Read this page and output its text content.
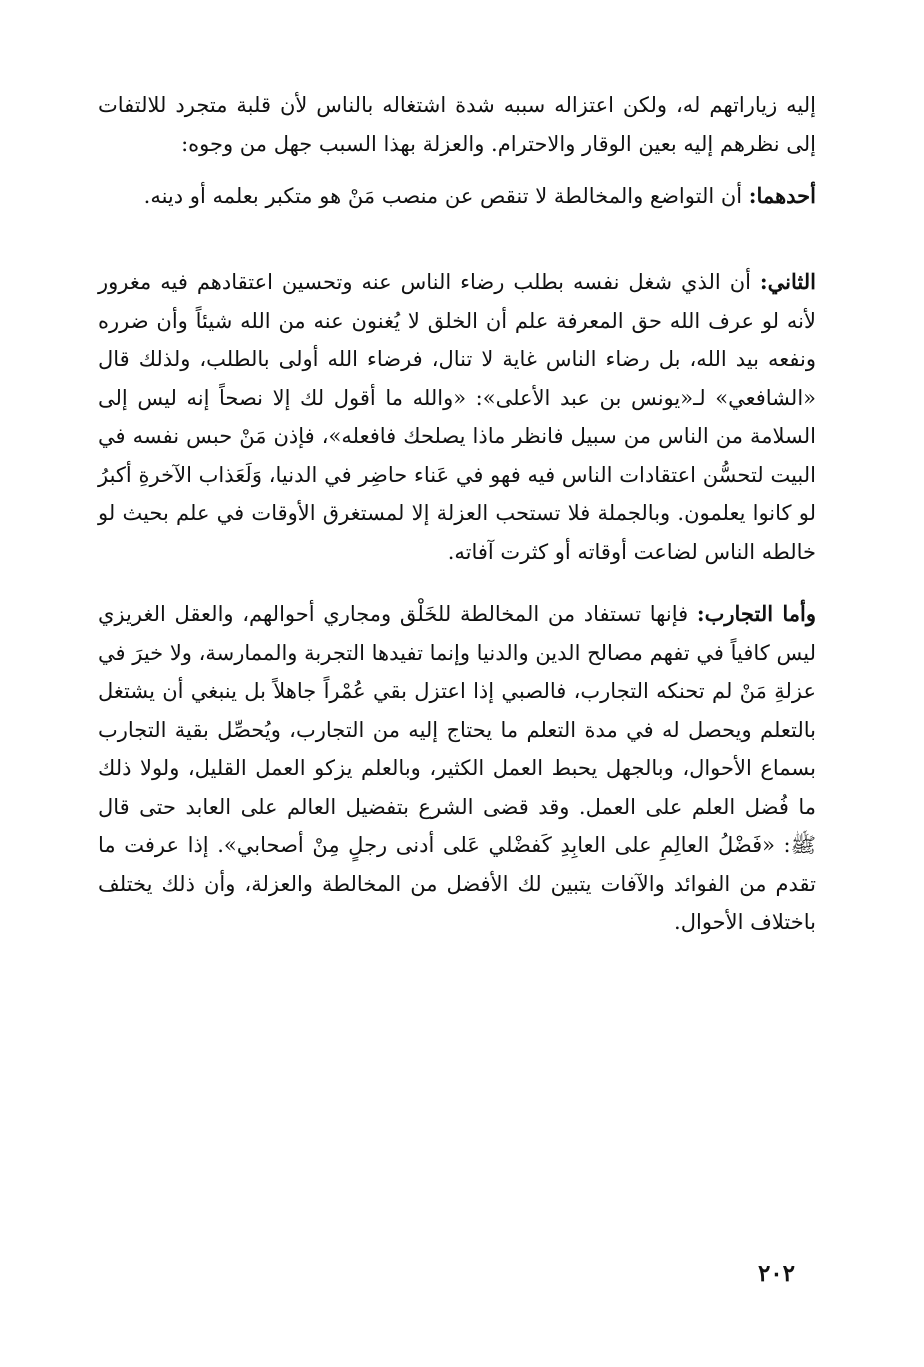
إليه زياراتهم له، ولكن اعتزاله سببه شدة اشتغاله بالناس لأن قلبة متجرد للالتفات إلى نظرهم إليه بعين الوقار والاحترام. والعزلة بهذا السبب جهل من وجوه:

أحدهما: أن التواضع والمخالطة لا تنقص عن منصب مَنْ هو متكبر بعلمه أو دينه.

الثاني: أن الذي شغل نفسه بطلب رضاء الناس عنه وتحسين اعتقادهم فيه مغرور لأنه لو عرف الله حق المعرفة علم أن الخلق لا يُغنون عنه من الله شيئاً وأن ضرره ونفعه بيد الله، بل رضاء الناس غاية لا تنال، فرضاء الله أولى بالطلب، ولذلك قال «الشافعي» لـ«يونس بن عبد الأعلى»: «والله ما أقول لك إلا نصحاً إنه ليس إلى السلامة من الناس من سبيل فانظر ماذا يصلحك فافعله»، فإذن مَنْ حبس نفسه في البيت لتحسُّن اعتقادات الناس فيه فهو في عَناء حاضِر في الدنيا، وَلَعَذاب الآخرةِ أكبرُ لو كانوا يعلمون. وبالجملة فلا تستحب العزلة إلا لمستغرق الأوقات في علم بحيث لو خالطه الناس لضاعت أوقاته أو كثرت آفاته.

وأما التجارب: فإنها تستفاد من المخالطة للخَلْق ومجاري أحوالهم، والعقل الغريزي ليس كافياً في تفهم مصالح الدين والدنيا وإنما تفيدها التجربة والممارسة، ولا خيرَ في عزلةِ مَنْ لم تحنكه التجارب، فالصبي إذا اعتزل بقي عُمْراً جاهلاً بل ينبغي أن يشتغل بالتعلم ويحصل له في مدة التعلم ما يحتاج إليه من التجارب، ويُحصِّل بقية التجارب بسماع الأحوال، وبالجهل يحبط العمل الكثير، وبالعلم يزكو العمل القليل، ولولا ذلك ما فُضل العلم على العمل. وقد قضى الشرع بتفضيل العالم على العابد حتى قال ﷺ: «فَضْلُ العالِمِ على العابِدِ كَفضْلي عَلى أدنى رجلٍ مِنْ أصحابي». إذا عرفت ما تقدم من الفوائد والآفات يتبين لك الأفضل من المخالطة والعزلة، وأن ذلك يختلف باختلاف الأحوال.

٢٠٢
